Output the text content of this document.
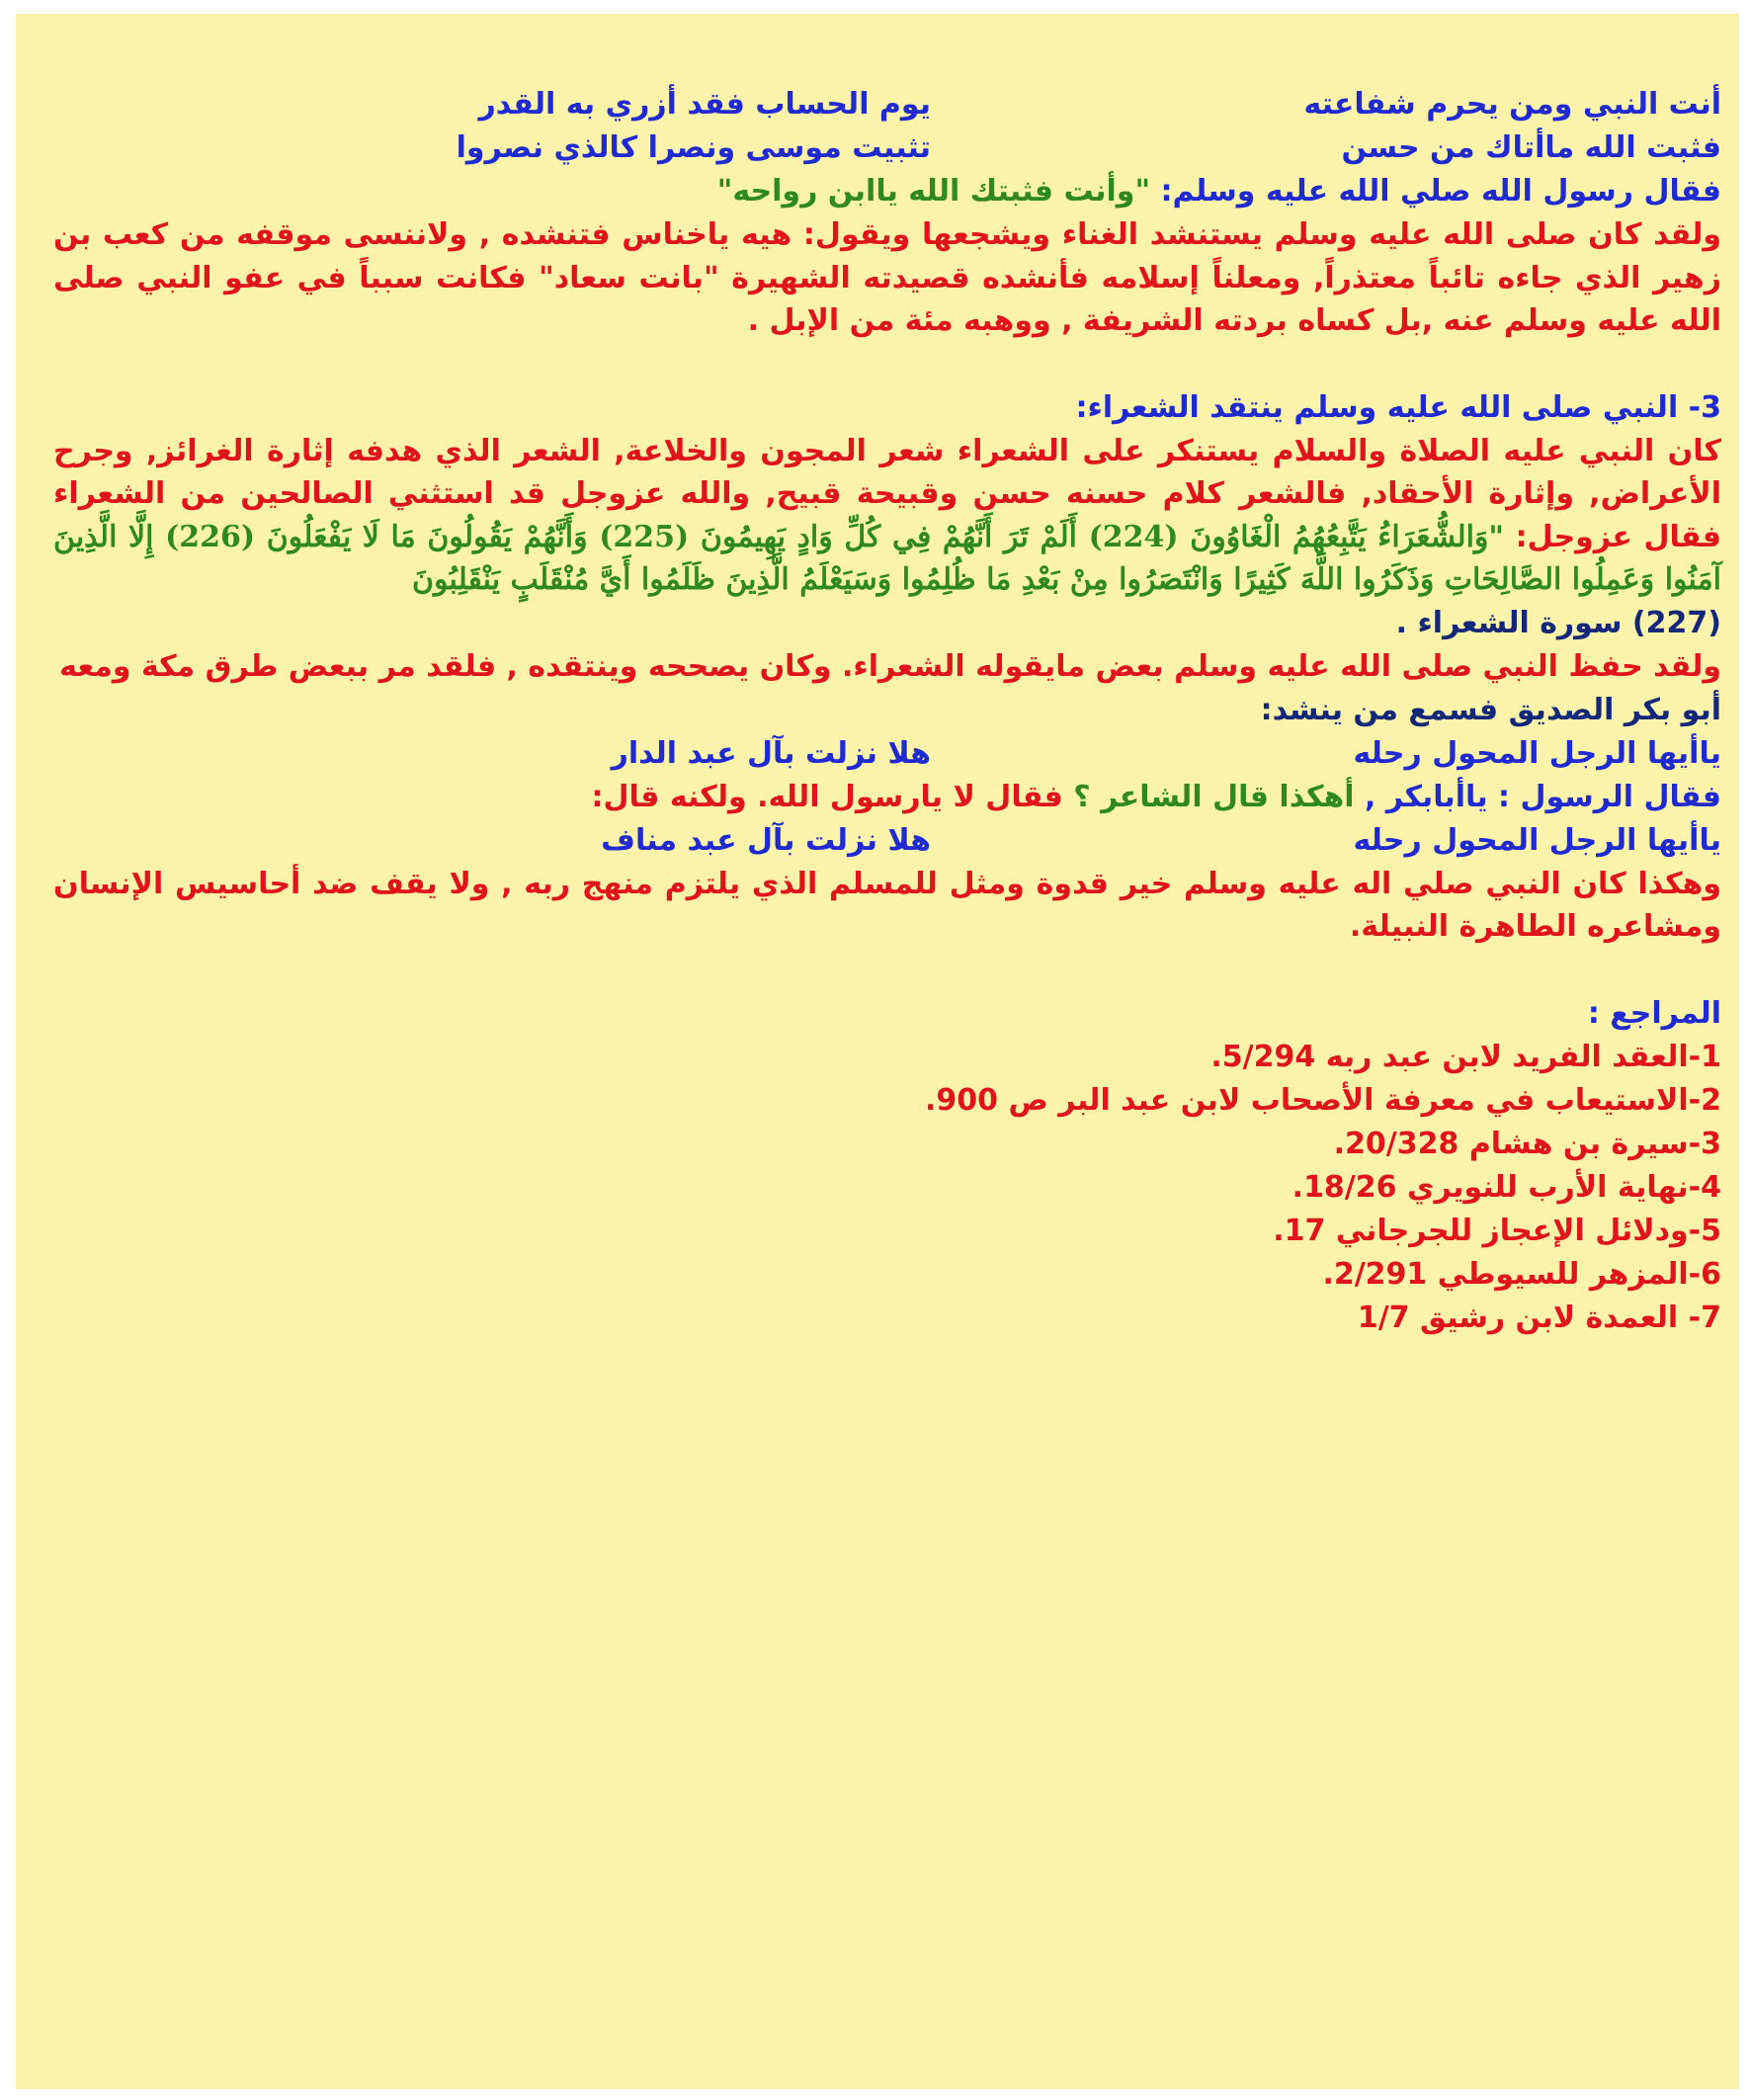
أنت النبي ومن يحرم شفاعته
يوم الحساب فقد أزري به القدر
فثبت الله ماأتاك من حسن
تثبيت موسى ونصرا كالذي نصروا

فقال رسول الله صلي الله عليه وسلم: "وأنت فثبتك الله ياابن رواحه"

ولقد كان صلى الله عليه وسلم يستنشد الغناء ويشجعها ويقول: هيه ياخناس فتنشده , ولاننسى موقفه من كعب بن زهير الذي جاءه تائباً معتذراً, ومعلناً إسلامه فأنشده قصيدته الشهيرة "بانت سعاد" فكانت سبباً في عفو النبي صلى الله عليه وسلم عنه ,بل كساه بردته الشريفة , ووهبه مئة من الإبل .

3- النبي صلى الله عليه وسلم ينتقد الشعراء:

كان النبي عليه الصلاة والسلام يستنكر على الشعراء شعر المجون والخلاعة, الشعر الذي هدفه إثارة الغرائز, وجرح الأعراض, وإثارة الأحقاد, فالشعر كلام حسنه حسن وقبيحة قبيح, والله عزوجل قد استثني الصالحين من الشعراء فقال عزوجل: "وَالشُّعَرَاءُ يَتَّبِعُهُمُ الْغَاوُونَ (224) أَلَمْ تَرَ أَنَّهُمْ فِي كُلِّ وَادٍ يَهِيمُونَ (225) وَأَنَّهُمْ يَقُولُونَ مَا لَا يَفْعَلُونَ (226) إِلَّا الَّذِينَ آمَنُوا وَعَمِلُوا الصَّالِحَاتِ وَذَكَرُوا اللَّهَ كَثِيرًا وَانْتَصَرُوا مِنْ بَعْدِ مَا ظُلِمُوا وَسَيَعْلَمُ الَّذِينَ ظَلَمُوا أَيَّ مُنْقَلَبٍ يَنْقَلِبُونَ

(227) سورة الشعراء .

ولقد حفظ النبي صلى الله عليه وسلم بعض مايقوله الشعراء. وكان يصححه وينتقده , فلقد مر ببعض طرق مكة ومعه

أبو بكر الصديق فسمع من ينشد:

ياأيها الرجل المحول رحله
هلا نزلت بآل عبد الدار

فقال الرسول : ياأبابكر , أهكذا قال الشاعر ؟ فقال لا يارسول الله. ولكنه قال:

ياأيها الرجل المحول رحله
هلا نزلت بآل عبد مناف

وهكذا كان النبي صلي اله عليه وسلم خير قدوة ومثل للمسلم الذي يلتزم منهج ربه , ولا يقف ضد أحاسيس الإنسان ومشاعره الطاهرة النبيلة.

المراجع :

1-العقد الفريد لابن عبد ربه 5/294.

2-الاستيعاب في معرفة الأصحاب لابن عبد البر ص 900.

3-سيرة بن هشام 20/328.

4-نهاية الأرب للنويري 18/26.

5-ودلائل الإعجاز للجرجاني 17.

6-المزهر للسيوطي 2/291.

7- العمدة لابن رشيق 1/7
